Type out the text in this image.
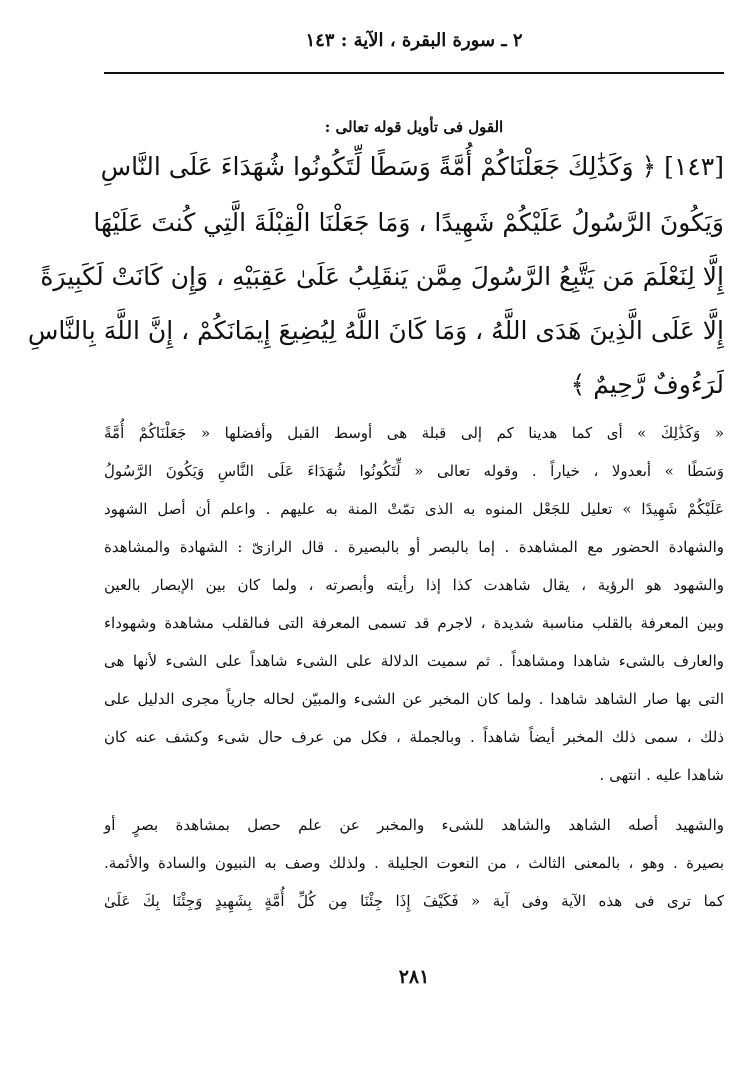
٢ ـ سورة البقرة ، الآية : ١٤٣
القول فى تأويل قوله تعالى :
[١٤٣] ﴿ وَكَذَٰلِكَ جَعَلْنَاكُمْ أُمَّةً وَسَطًا لِّتَكُونُوا شُهَدَاءَ عَلَى النَّاسِ
وَيَكُونَ الرَّسُولُ عَلَيْكُمْ شَهِيدًا ، وَمَا جَعَلْنَا الْقِبْلَةَ الَّتِي كُنتَ عَلَيْهَا
إِلَّا لِنَعْلَمَ مَن يَتَّبِعُ الرَّسُولَ مِمَّن يَنقَلِبُ عَلَىٰ عَقِبَيْهِ ، وَإِن كَانَتْ لَكَبِيرَةً
إِلَّا عَلَى الَّذِينَ هَدَى اللَّهُ ، وَمَا كَانَ اللَّهُ لِيُضِيعَ إِيمَانَكُمْ ، إِنَّ اللَّهَ بِالنَّاسِ
لَرَءُوفٌ رَّحِيمٌ ﴾
« وَكَذَٰلِكَ » أى كما هدينا كم إلى قبلة هى أوسط القبل وأفضلها « جَعَلْنَاكُمْ أُمَّةً
وَسَطًا » أىعدولا ، خياراً . وقوله تعالى « لِّتَكُونُوا شُهَدَاءَ عَلَى النَّاسِ وَيَكُونَ الرَّسُولُ
عَلَيْكُمْ شَهِيدًا » تعليل للجَعْل المنوه به الذى تمّتْ المنة به عليهم . واعلم أن أصل الشهود
والشهادة الحضور مع المشاهدة . إما بالبصر أو بالبصيرة . قال الرازىّ : الشهادة والمشاهدة
والشهود هو الرؤية ، يقال شاهدت كذا إذا رأيته وأبصرته ، ولما كان بين الإبصار بالعين
وبين المعرفة بالقلب مناسبة شديدة ، لاجرم قد تسمى المعرفة التى فىالقلب مشاهدة وشهوداء
والعارف بالشىء شاهدا ومشاهداً . ثم سميت الدلالة على الشىء شاهداً على الشىء لأنها هى
التى بها صار الشاهد شاهدا . ولما كان المخبر عن الشىء والمبيّن لحاله جارياً مجرى الدليل على
ذلك ، سمى ذلك المخبر أيضاً شاهداً . وبالجملة ، فكل من عرف حال شىء وكشف عنه كان
شاهدا عليه . انتهى .
والشهيد أصله الشاهد والشاهد للشىء والمخبر عن علم حصل بمشاهدة بصرٍ أو
بصيرة . وهو ، بالمعنى الثالث ، من النعوت الجليلة . ولذلك وصف به النبيون والسادة والأئمة.
كما ترى فى هذه الآية وفى آية « فَكَيْفَ إِذَا جِئْنَا مِن كُلِّ أُمَّةٍ بِشَهِيدٍ وَجِئْنَا بِكَ عَلَىٰ
٢٨١
